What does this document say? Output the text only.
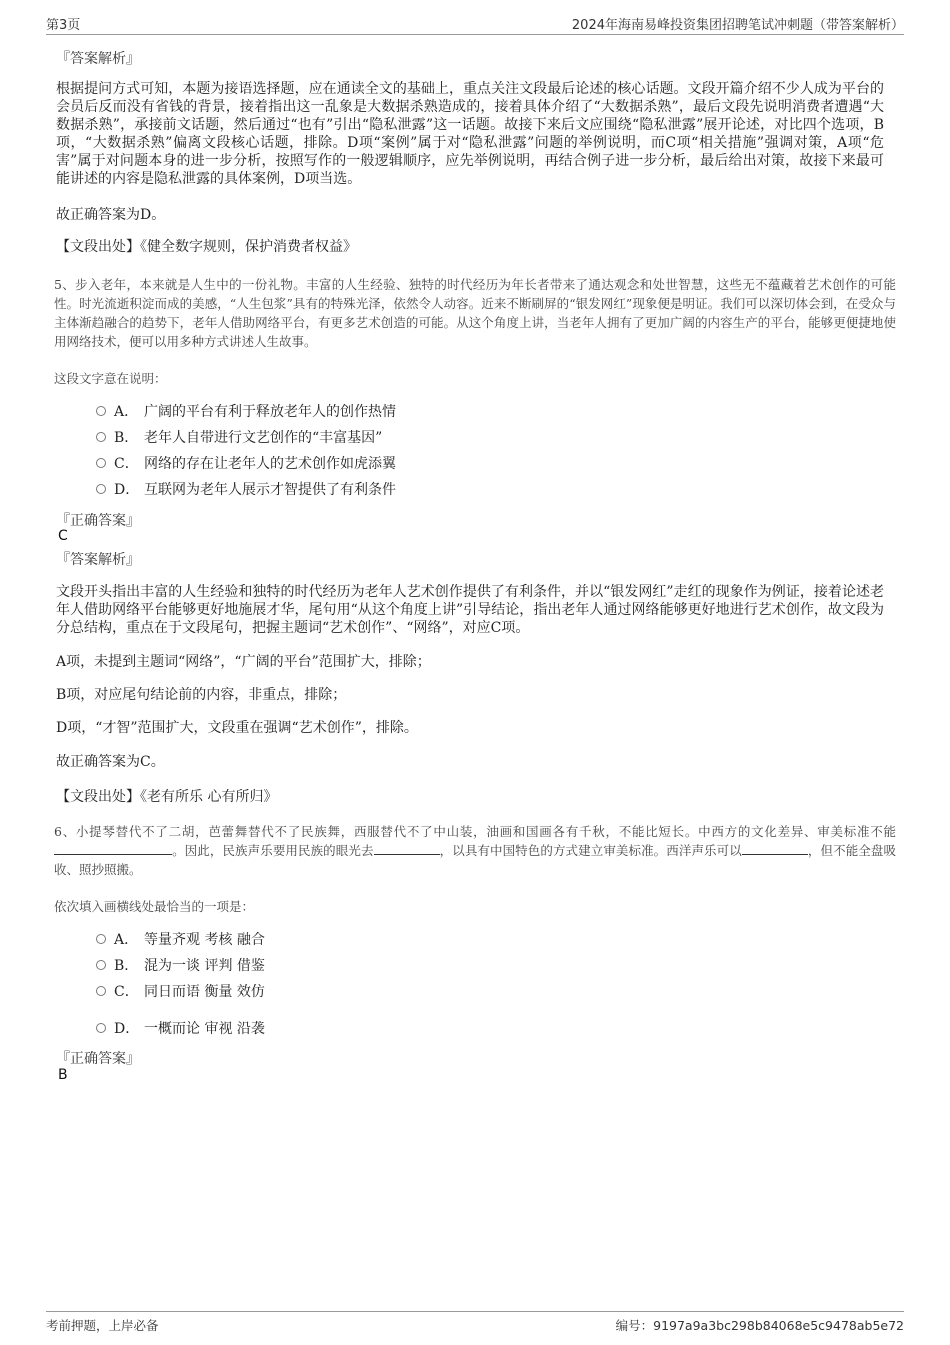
第3页	2024年海南易峰投资集团招聘笔试冲刺题（带答案解析）
『答案解析』
根据提问方式可知，本题为接语选择题，应在通读全文的基础上，重点关注文段最后论述的核心话题。文段开篇介绍不少人成为平台的会员后反而没有省钱的背景，接着指出这一乱象是大数据杀熟造成的，接着具体介绍了“大数据杀熟”，最后文段先说明消费者遭遇“大数据杀熟”，承接前文话题，然后通过“也有”引出“隐私泄露”这一话题。故接下来后文应围绕“隐私泄露”展开论述，对比四个选项，B项，“大数据杀熟”偏离文段核心话题，排除。D项“案例”属于对“隐私泄露”问题的举例说明，而C项“相关措施”强调对策，A项“危害”属于对问题本身的进一步分析，按照写作的一般逻辑顺序，应先举例说明，再结合例子进一步分析，最后给出对策，故接下来最可能讲述的内容是隐私泄露的具体案例，D项当选。
故正确答案为D。
【文段出处】《健全数字规则，保护消费者权益》
5、步入老年，本来就是人生中的一份礼物。丰富的人生经验、独特的时代经历为年长者带来了通达观念和处世智慧，这些无不蕴藏着艺术创作的可能性。时光流逝积淀而成的美感，“人生包浆”具有的特殊光泽，依然令人动容。近来不断刷屏的“银发网红”现象便是明证。我们可以深切体会到，在受众与主体渐趋融合的趋势下，老年人借助网络平台，有更多艺术创造的可能。从这个角度上讲，当老年人拥有了更加广阔的内容生产的平台，能够更便捷地使用网络技术，便可以用多种方式讲述人生故事。
这段文字意在说明：
A． 广阔的平台有利于释放老年人的创作热情
B． 老年人自带进行文艺创作的“丰富基因”
C． 网络的存在让老年人的艺术创作如虎添翼
D． 互联网为老年人展示才智提供了有利条件
『正确答案』
C
『答案解析』
文段开头指出丰富的人生经验和独特的时代经历为老年人艺术创作提供了有利条件，并以“银发网红”走红的现象作为例证，接着论述老年人借助网络平台能够更好地施展才华，尾句用“从这个角度上讲”引导结论，指出老年人通过网络能够更好地进行艺术创作，故文段为分总结构，重点在于文段尾句，把握主题词“艺术创作”、“网络”，对应C项。
A项，未提到主题词“网络”，“广阔的平台”范围扩大，排除；
B项，对应尾句结论前的内容，非重点，排除；
D项，“才智”范围扩大，文段重在强调“艺术创作”，排除。
故正确答案为C。
【文段出处】《老有所乐 心有所归》
6、小提琴替代不了二胡，芭蕾舞替代不了民族舞，西服替代不了中山装，油画和国画各有千秋，不能比短长。中西方的文化差异、审美标准不能。因此，民族声乐要用民族的眼光去	，以具有中国特色的方式建立审美标准。西洋声乐可以	，但不能全盘吸收、照抄照搬。
依次填入画横线处最恰当的一项是：
A． 等量齐观 考核 融合
B． 混为一谈 评判 借鉴
C． 同日而语 衡量 效仿
D． 一概而论 审视 沿袭
『正确答案』
B
考前押题，上岸必备	编号：9197a9a3bc298b84068e5c9478ab5e72
